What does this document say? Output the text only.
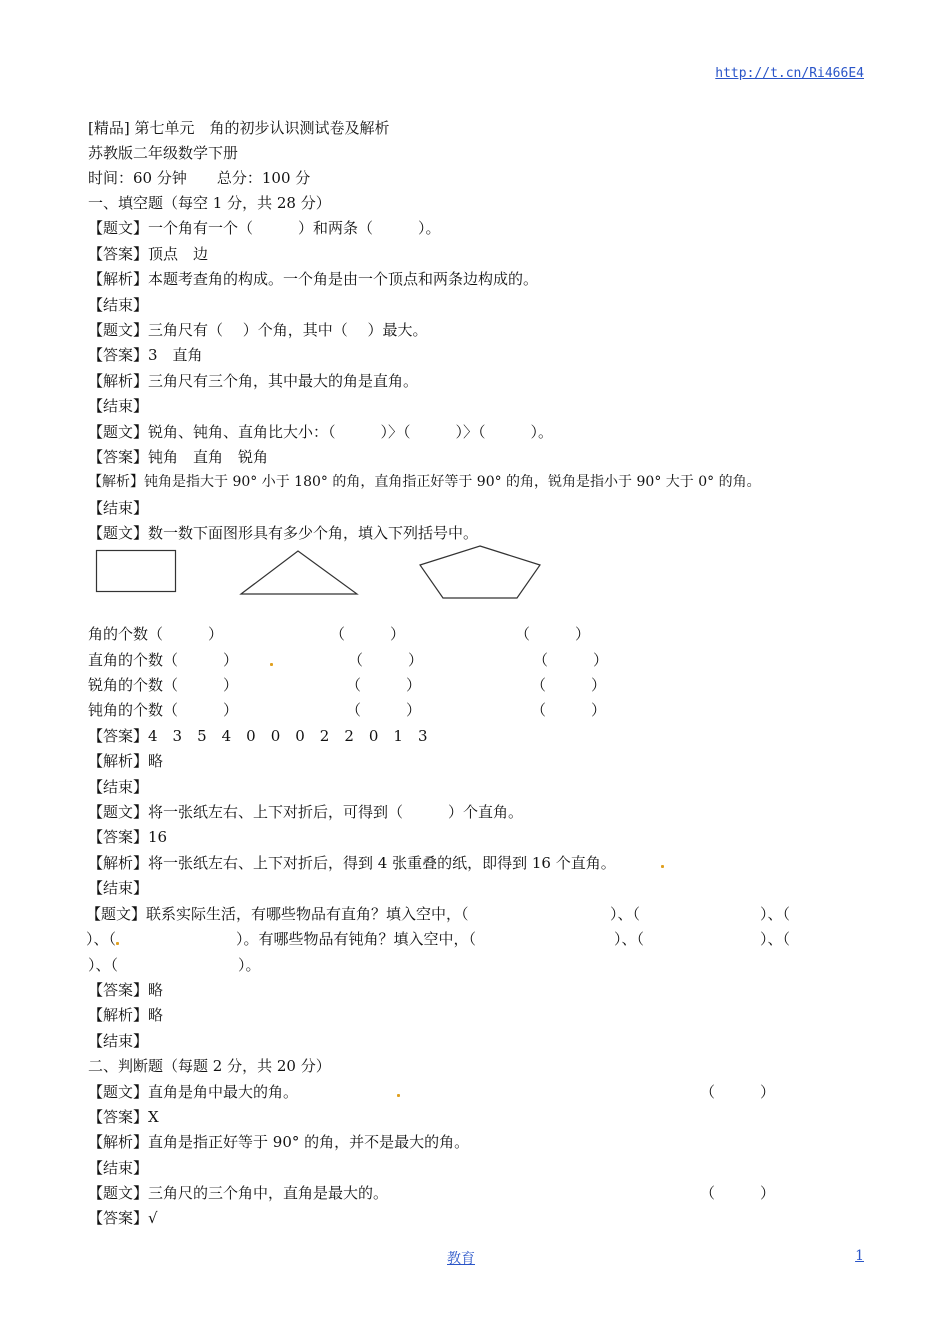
http://t.cn/Ri466E4
[精品] 第七单元　角的初步认识测试卷及解析
苏教版二年级数学下册
时间：60 分钟　　总分：100 分
一、填空题（每空 1 分，共 28 分）
【题文】一个角有一个（　　　）和两条（　　　）。
【答案】顶点　边
【解析】本题考查角的构成。一个角是由一个顶点和两条边构成的。
【结束】
【题文】三角尺有（　 ）个角，其中（　 ）最大。
【答案】3　直角
【解析】三角尺有三个角，其中最大的角是直角。
【结束】
【题文】锐角、钝角、直角比大小：（　　　）〉（　　　）〉（　　　）。
【答案】钝角　直角　锐角
【解析】钝角是指大于 90° 小于 180° 的角，直角指正好等于 90° 的角，锐角是指小于 90° 大于 0° 的角。
【结束】
【题文】数一数下面图形具有多少个角，填入下列括号中。
角的个数（　　　）	（　　　）	（　　　）
直角的个数（　　　）	（　　　）	（　　　）
锐角的个数（　　　）	（　　　）	（　　　）
钝角的个数（　　　）	（　　　）	（　　　）
【答案】4　3　5　4　0　0　0　2　2　0　1　3
【解析】略
【结束】
【题文】将一张纸左右、上下对折后，可得到（　　　）个直角。
【答案】16
【解析】将一张纸左右、上下对折后，得到 4 张重叠的纸，即得到 16 个直角。
【结束】
【题文】联系实际生活，有哪些物品有直角？填入空中，（	）、（	）、（
）、（	）。有哪些物品有钝角？填入空中，（	）、（	）、（
）、（　　　　　　　　）。
【答案】略
【解析】略
【结束】
二、判断题（每题 2 分，共 20 分）
【题文】直角是角中最大的角。	（　　　）
【答案】X
【解析】直角是指正好等于 90° 的角，并不是最大的角。
【结束】
【题文】三角尺的三个角中，直角是最大的。	（　　　）
【答案】√
教育	1
